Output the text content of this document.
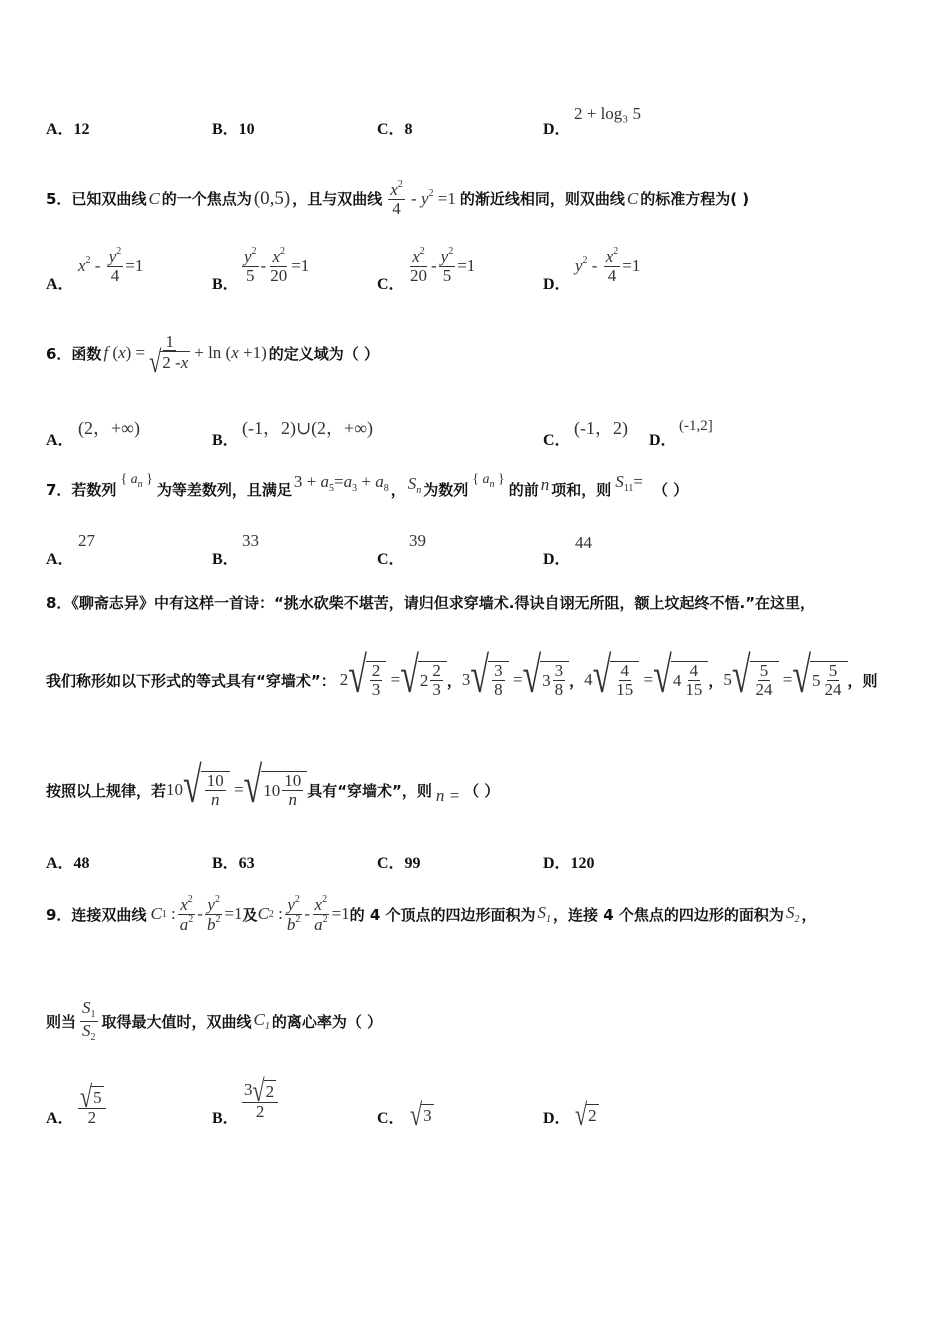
A．12	B．10	C．8	D．
2 + log₃ 5
5．已知双曲线 C 的一个焦点为 (0,5) ，且与双曲线 $\frac{x^2}{4} - y^2 =1$ 的渐近线相同，则双曲线 C 的标准方程为( )
A．
$x^2 - \frac{y^2}{4} =1$
B． $\frac{y^2}{5} - \frac{x^2}{20} =1$
C． $\frac{x^2}{20} - \frac{y^2}{5} =1$
D．
$y^2 - \frac{x^2}{4} =1$
6．函数 f ( x ) = $\frac{1}{√ 2 - x} + \ln$ ( x +1) 的定义域为（ ）
A．
(2，+∞)
B．
(-1，2)∪(2，+∞)
C．
(-1，2)
D．
(-1,2]
7．若数列
{ $a_n$ }
为等差数列，且满足 $3 + a_5=a_3 + a_8$ ， $S_n$ 为数列
{ $a_n$ }
的前 n 项和，则 $S_{11}=$ （ ）
A．
27
B．
33
C．
39
D．
44
8．《聊斋志异》中有这样一首诗：“挑水砍柴不堪苦，请归但求穿墙术.得诀自诩无所阻，额上坟起终不悟.”在这里，
我们称形如以下形式的等式具有“穿墙术”： 2 √ $\frac{2}{3}$ = √ $2 \frac{2}{3}$ ， 3 √ $\frac{3}{8}$ = √ $3 \frac{3}{8}$ ， 4 √ $\frac{4}{15}$ = √ $4 \frac{4}{15}$ ， 5 √ $\frac{5}{24}$ = √ $5 \frac{5}{24}$ ，则
按照以上规律，若 10 √ $\frac{10}{n}$ = √ $10 \frac{10}{n}$ 具有“穿墙术”，则 n = （ ）
A．48	B．63	C．99	D．120
9．连接双曲线 C 1 : $\frac{x^2}{a^2} - \frac{y^2}{b^2} =1$ 及 C 2 : $\frac{y^2}{b^2} - \frac{x^2}{a^2} =1$ 的 4 个顶点的四边形面积为 $S_1$ ，连接 4 个焦点的四边形的面积为 $S_2$ ，
则当 $\frac{S_1}{S_2}$ 取得最大值时，双曲线 $C_1$ 的离心率为（ ）
A． $\frac{√ 5}{2}$	B． $\frac{3 √ 2}{2}$	C． √ 3	D． √ 2
